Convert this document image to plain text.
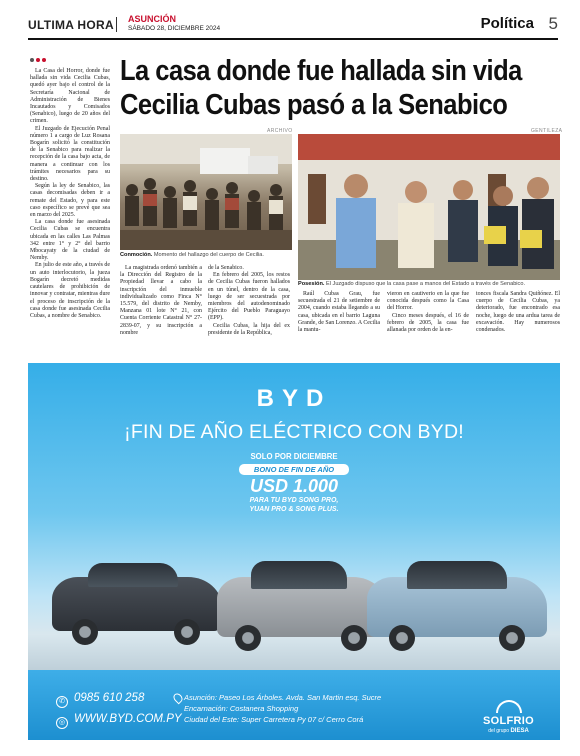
ULTIMA HORA ASUNCIÓN
SÁBADO 28, DICIEMBRE 2024	Política 5

La Casa del Horror, donde fue hallada sin vida Cecilia Cubas, quedó ayer bajo el control de la Secretaría Nacional de Administración de Bienes Incautados y Comisados (Senabico), luego de 20 años del crimen.

El Juzgado de Ejecución Penal número 1 a cargo de Luz Rosana Bogarín solicitó la constitución de la Senabico para realizar la recepción de la casa bajo acta, de manera a continuar con los trámites necesarios para su destino.

Según la ley de Senabico, las casas decomisadas deben ir a remate del Estado, y para este caso específico se prevé que sea en marzo del 2025.

La casa donde fue asesinada Cecilia Cubas se encuentra ubicada en las calles Las Palmas 342 entre 1° y 2° del barrio Mbocayaty de la ciudad de Nemby.

En julio de este año, a través de un auto interlocutorio, la jueza Bogarín decretó medidas cautelares de prohibición de innovar y contratar, mientras dure el proceso de inscripción de la casa donde fue asesinada Cecilia Cubas, a nombre de Senabico.

La casa donde fue hallada sin vida
Cecilia Cubas pasó a la Senabico
ARCHIVO
Conmoción. Momento del hallazgo del cuerpo de Cecilia.
GENTILEZA
Posesión. El Juzgado dispuso que la casa pase a manos del Estado a través de Senabico.

La magistrada ordenó también a la Dirección del Registro de la Propiedad llevar a cabo la inscripción del inmueble individualizado como Finca N° 15.579, del distrito de Nemby, Manzana 01 lote N° 21, con Cuenta Corriente Catastral N° 27-2839-07, y su inscripción a nombre

de la Senabico.

En febrero del 2005, los restos de Cecilia Cubas fueron hallados en un túnel, dentro de la casa, luego de ser secuestrada por miembros del autodenominado Ejército del Pueblo Paraguayo (EPP).

Cecilia Cubas, la hija del ex presidente de la República,

Raúl Cubas Grau, fue secuestrada el 21 de setiembre de 2004, cuando estaba llegando a su casa, ubicada en el barrio Laguna Grande, de San Lorenzo. A Cecilia la mantu-

vieron en cautiverio en la que fue conocida después como la Casa del Horror.

Cinco meses después, el 16 de febrero de 2005, la casa fue allanada por orden de la en-

tonces fiscala Sandra Quiñónez. El cuerpo de Cecilia Cubas, ya deteriorado, fue encontrado esa noche, luego de una ardua tarea de excavación. Hay numerosos condenados.

BYD
¡FIN DE AÑO ELÉCTRICO CON BYD!
SOLO POR DICIEMBRE
BONO DE FIN DE AÑO
USD 1.000
PARA TU BYD SONG PRO,
YUAN PRO & SONG PLUS.
✆ 0985 610 258
◎ WWW.BYD.COM.PY
Asunción: Paseo Los Árboles. Avda. San Martin esq. Sucre
Encarnación: Costanera Shopping
Ciudad del Este: Super Carretera Py 07 c/ Cerro Corá	SOLFRIO
del grupo DIESA
